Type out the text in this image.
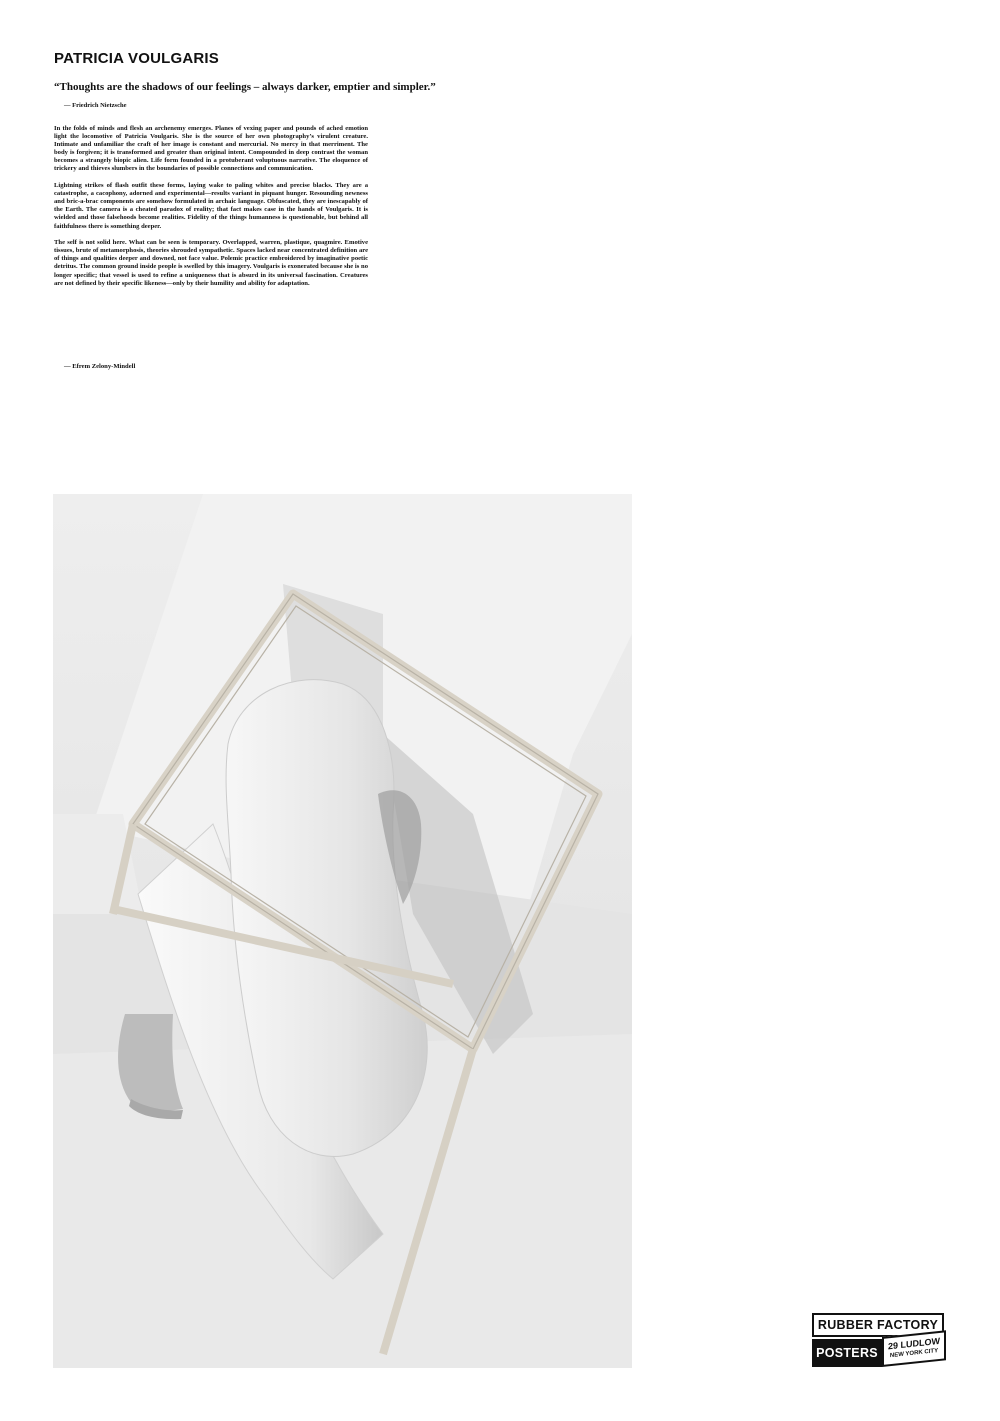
PATRICIA VOULGARIS

“Thoughts are the shadows of our feelings – always darker, emptier and simpler.”

— Friedrich Nietzsche

In the folds of minds and flesh an archenemy emerges. Planes of vexing paper and pounds of ached emotion light the locomotive of Patricia Voulgaris. She is the source of her own photography’s virulent creature. Intimate and unfamiliar the craft of her image is constant and mercurial. No mercy in that merriment. The body is forgiven; it is transformed and greater than original intent. Compounded in deep contrast the woman becomes a strangely biopic alien. Life form founded in a protuberant voluptuous narrative. The eloquence of trickery and thieves slumbers in the boundaries of possible connections and communication.

Lightning strikes of flash outfit these forms, laying wake to paling whites and precise blacks. They are a catastrophe, a cacophony, adorned and experimental—results variant in piquant hunger. Resounding newness and bric-a-brac components are somehow formulated in archaic language. Obfuscated, they are inescapably of the Earth. The camera is a cheated paradox of reality; that fact makes case in the hands of Voulgaris. It is wielded and those falsehoods become realities. Fidelity of the things humanness is questionable, but behind all faithfulness there is something deeper.

The self is not solid here. What can be seen is temporary. Overlapped, warren, plastique, quagmire. Emotive tissues, brute of metamorphosis, theories shrouded sympathetic. Spaces lacked near concentrated definition are of things and qualities deeper and downed, not face value. Polemic practice embroidered by imaginative poetic detritus. The common ground inside people is swelled by this imagery. Voulgaris is exonerated because she is no longer specific; that vessel is used to refine a uniqueness that is absurd in its universal fascination. Creatures are not defined by their specific likeness—only by their humility and ability for adaptation.

— Efrem Zelony-Mindell

RUBBER FACTORY
POSTERS
29 LUDLOW
NEW YORK CITY
